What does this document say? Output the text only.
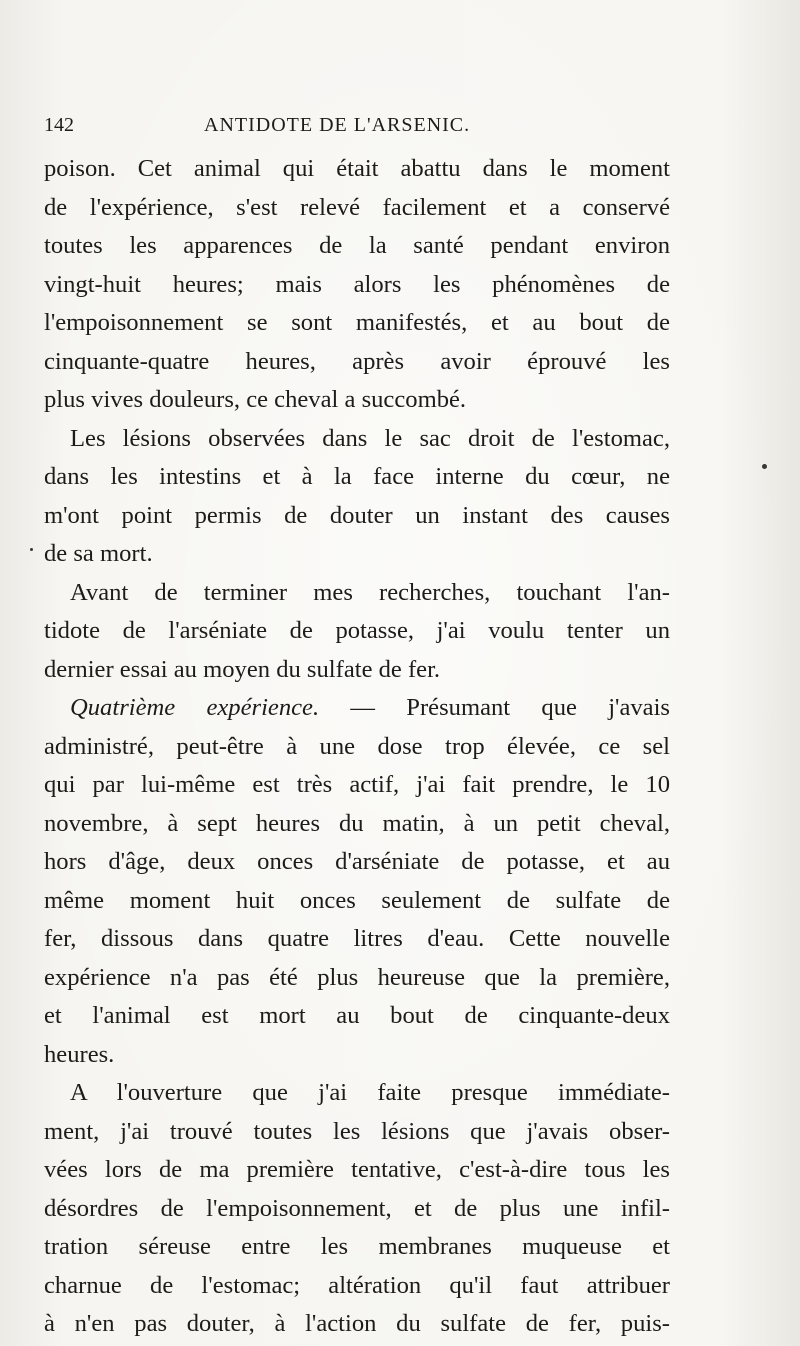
142	ANTIDOTE DE L'ARSENIC.
poison. Cet animal qui était abattu dans le moment
de l'expérience, s'est relevé facilement et a conservé
toutes les apparences de la santé pendant environ
vingt-huit heures; mais alors les phénomènes de
l'empoisonnement se sont manifestés, et au bout de
cinquante-quatre heures, après avoir éprouvé les
plus vives douleurs, ce cheval a succombé.
Les lésions observées dans le sac droit de l'estomac,
dans les intestins et à la face interne du cœur, ne
m'ont point permis de douter un instant des causes
de sa mort.
Avant de terminer mes recherches, touchant l'an-
tidote de l'arséniate de potasse, j'ai voulu tenter un
dernier essai au moyen du sulfate de fer.
Quatrième expérience. — Présumant que j'avais
administré, peut-être à une dose trop élevée, ce sel
qui par lui-même est très actif, j'ai fait prendre, le 10
novembre, à sept heures du matin, à un petit cheval,
hors d'âge, deux onces d'arséniate de potasse, et au
même moment huit onces seulement de sulfate de
fer, dissous dans quatre litres d'eau. Cette nouvelle
expérience n'a pas été plus heureuse que la première,
et l'animal est mort au bout de cinquante-deux
heures.
A l'ouverture que j'ai faite presque immédiate-
ment, j'ai trouvé toutes les lésions que j'avais obser-
vées lors de ma première tentative, c'est-à-dire tous les
désordres de l'empoisonnement, et de plus une infil-
tration séreuse entre les membranes muqueuse et
charnue de l'estomac; altération qu'il faut attribuer
à n'en pas douter, à l'action du sulfate de fer, puis-
